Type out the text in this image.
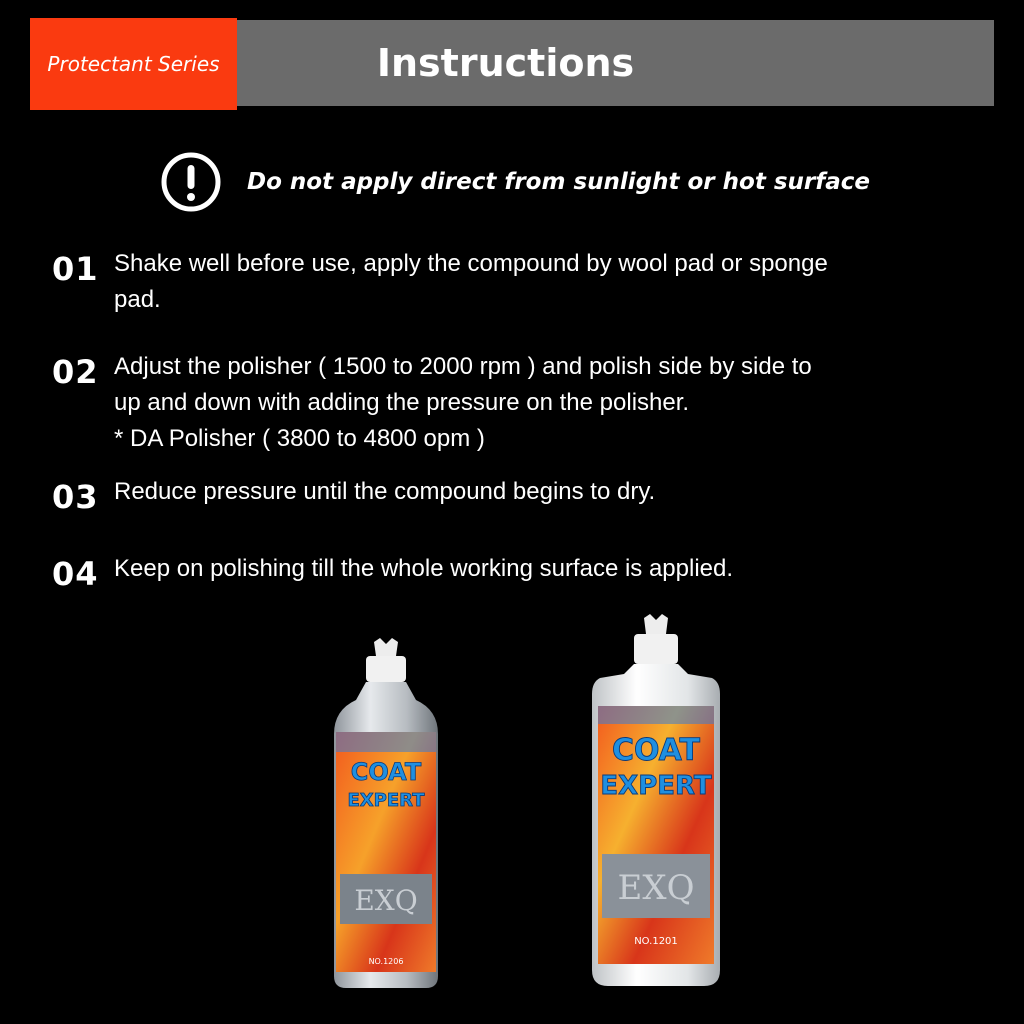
Instructions
Protectant Series
Do not apply direct from sunlight or hot surface
01 Shake well before use, apply the compound by wool pad or sponge
pad.
02 Adjust the polisher ( 1500 to 2000 rpm ) and polish side by side to
up and down with adding the pressure on the polisher.
* DA Polisher ( 3800 to 4800 opm )
03 Reduce pressure until the compound begins to dry.
04 Keep on polishing till the whole working surface is applied.
COAT
EXPERT
EXQ
NO.1206
COAT
EXPERT
EXQ
NO.1201
